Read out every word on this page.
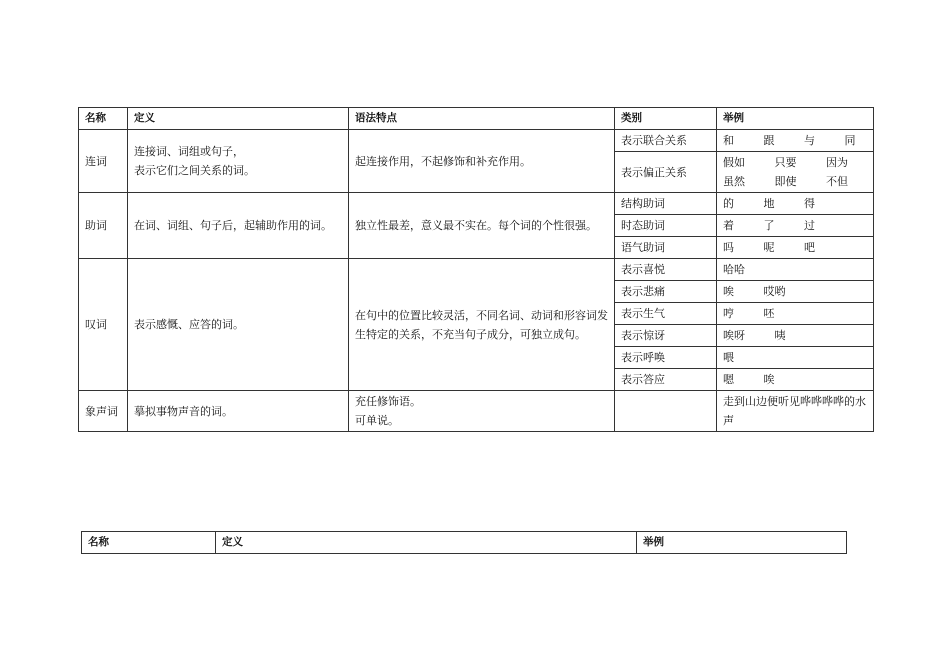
名称	定义	语法特点	类别	举例
连词	连接词、词组或句子，
表示它们之间关系的词。	起连接作用，不起修饰和补充作用。	表示联合关系	和 跟 与 同
			表示偏正关系	假如 只要 因为
虽然 即使 不但

助词	在词、词组、句子后，起辅助作用的词。	独立性最差，意义最不实在。每个词的个性很强。	结构助词	的 地 得
			时态助词	着 了 过
			语气助词	吗 呢 吧
叹词	表示感慨、应答的词。	在句中的位置比较灵活，不同名词、动词和形容词发生特定的关系，不充当句子成分，可独立成句。	表示喜悦	哈哈
			表示悲痛	唉 哎哟
			表示生气	哼 呸
			表示惊讶	唉呀 咦
			表示呼唤	喂
			表示答应	嗯 唉
象声词	摹拟事物声音的词。	充任修饰语。
可单说。		走到山边便听见哗哗哗哗的水声
名称	定义	举例
